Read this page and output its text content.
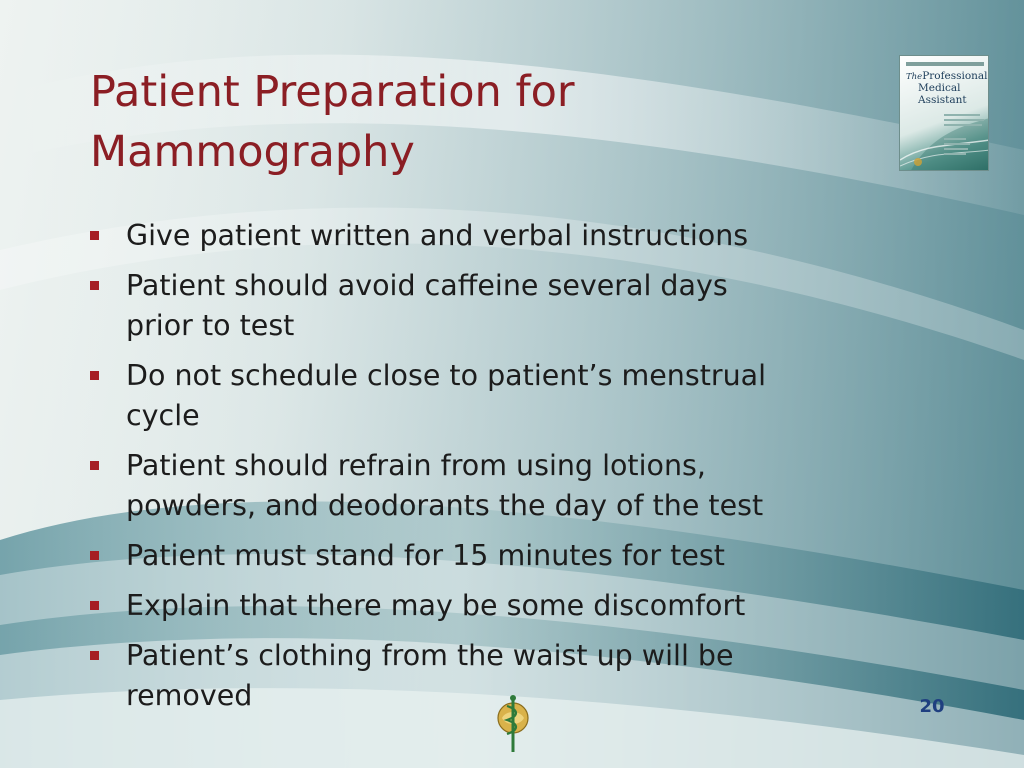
Patient Preparation for
Mammography
TheProfessional
Medical
Assistant
Give patient written and verbal instructions
Patient should avoid caffeine several days
prior to test
Do not schedule close to patient’s menstrual
cycle
Patient should refrain from using lotions,
powders, and deodorants the day of the test
Patient must stand for 15 minutes for test
Explain that there may be some discomfort
Patient’s clothing from the waist up will be
removed	20
